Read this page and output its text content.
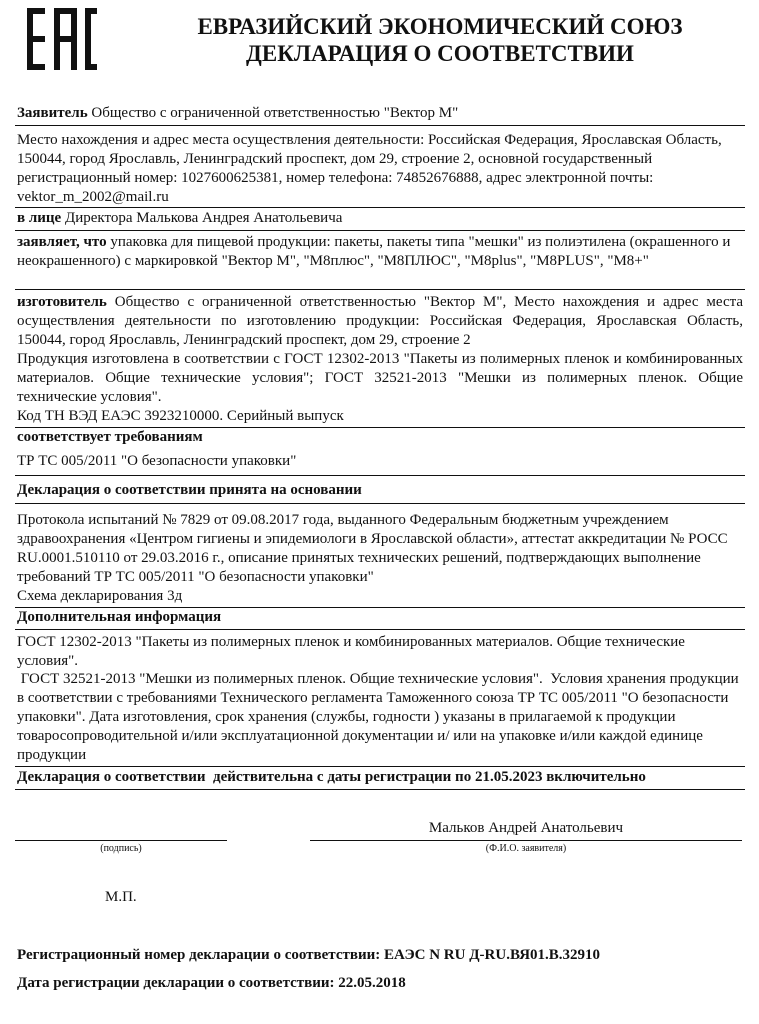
ЕВРАЗИЙСКИЙ ЭКОНОМИЧЕСКИЙ СОЮЗ
ДЕКЛАРАЦИЯ О СООТВЕТСТВИИ
Заявитель Общество с ограниченной ответственностью "Вектор М"
Место нахождения и адрес места осуществления деятельности: Российская Федерация, Ярославская Область, 150044, город Ярославль, Ленинградский проспект, дом 29, строение 2, основной государственный регистрационный номер: 1027600625381, номер телефона: 74852676888, адрес электронной почты: vektor_m_2002@mail.ru
в лице Директора Малькова Андрея Анатольевича
заявляет, что упаковка для пищевой продукции: пакеты, пакеты типа "мешки" из полиэтилена (окрашенного и неокрашенного) с маркировкой "Вектор М", "М8плюс", "М8ПЛЮС", "M8plus", "M8PLUS", "M8+"
изготовитель Общество с ограниченной ответственностью "Вектор М", Место нахождения и адрес места осуществления деятельности по изготовлению продукции: Российская Федерация, Ярославская Область, 150044, город Ярославль, Ленинградский проспект, дом 29, строение 2
Продукция изготовлена в соответствии с ГОСТ 12302-2013 "Пакеты из полимерных пленок и комбинированных материалов. Общие технические условия"; ГОСТ 32521-2013 "Мешки из полимерных пленок. Общие технические условия".
Код ТН ВЭД ЕАЭС 3923210000. Серийный выпуск
соответствует требованиям
ТР ТС 005/2011 "О безопасности упаковки"
Декларация о соответствии принята на основании
Протокола испытаний № 7829 от 09.08.2017 года, выданного Федеральным бюджетным учреждением здравоохранения «Центром гигиены и эпидемиологи в Ярославской области», аттестат аккредитации № РОСС RU.0001.510110 от 29.03.2016 г., описание принятых технических решений, подтверждающих выполнение требований ТР ТС 005/2011 "О безопасности упаковки"
Схема декларирования 3д
Дополнительная информация
ГОСТ 12302-2013 "Пакеты из полимерных пленок и комбинированных материалов. Общие технические условия".
ГОСТ 32521-2013 "Мешки из полимерных пленок. Общие технические условия".  Условия хранения продукции в соответствии с требованиями Технического регламента Таможенного союза ТР ТС 005/2011 "О безопасности упаковки". Дата изготовления, срок хранения (службы, годности ) указаны в прилагаемой к продукции товаросопроводительной и/или эксплуатационной документации и/ или на упаковке и/или каждой единице продукции
Декларация о соответствии  действительна с даты регистрации по 21.05.2023 включительно
Мальков Андрей Анатольевич
(подпись)	(Ф.И.О. заявителя)
М.П.
Регистрационный номер декларации о соответствии: ЕАЭС N RU Д-RU.ВЯ01.В.32910
Дата регистрации декларации о соответствии: 22.05.2018
